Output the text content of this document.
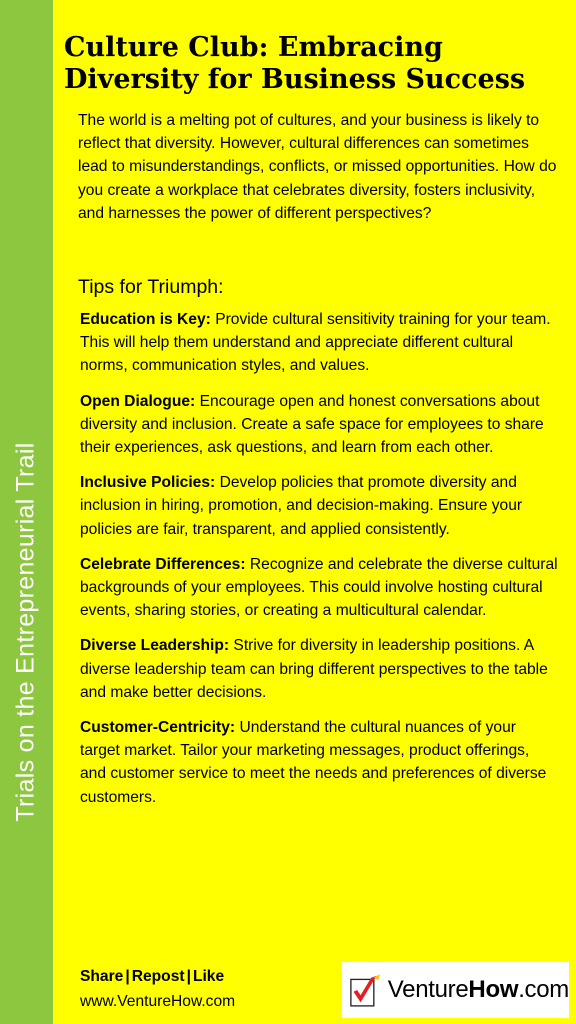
Trials on the Entrepreneurial Trail
Culture Club: Embracing
Diversity for Business Success

The world is a melting pot of cultures, and your business is likely to reflect that diversity. However, cultural differences can sometimes lead to misunderstandings, conflicts, or missed opportunities. How do you create a workplace that celebrates diversity, fosters inclusivity, and harnesses the power of different perspectives?

Tips for Triumph:
Education is Key: Provide cultural sensitivity training for your team. This will help them understand and appreciate different cultural norms, communication styles, and values.
Open Dialogue: Encourage open and honest conversations about diversity and inclusion. Create a safe space for employees to share their experiences, ask questions, and learn from each other.
Inclusive Policies: Develop policies that promote diversity and inclusion in hiring, promotion, and decision-making. Ensure your policies are fair, transparent, and applied consistently.
Celebrate Differences: Recognize and celebrate the diverse cultural backgrounds of your employees. This could involve hosting cultural events, sharing stories, or creating a multicultural calendar.
Diverse Leadership: Strive for diversity in leadership positions. A diverse leadership team can bring different perspectives to the table and make better decisions.
Customer-Centricity: Understand the cultural nuances of your target market. Tailor your marketing messages, product offerings, and customer service to meet the needs and preferences of diverse customers.
Share | Repost | Like
www.VentureHow.com	VentureHow.com
